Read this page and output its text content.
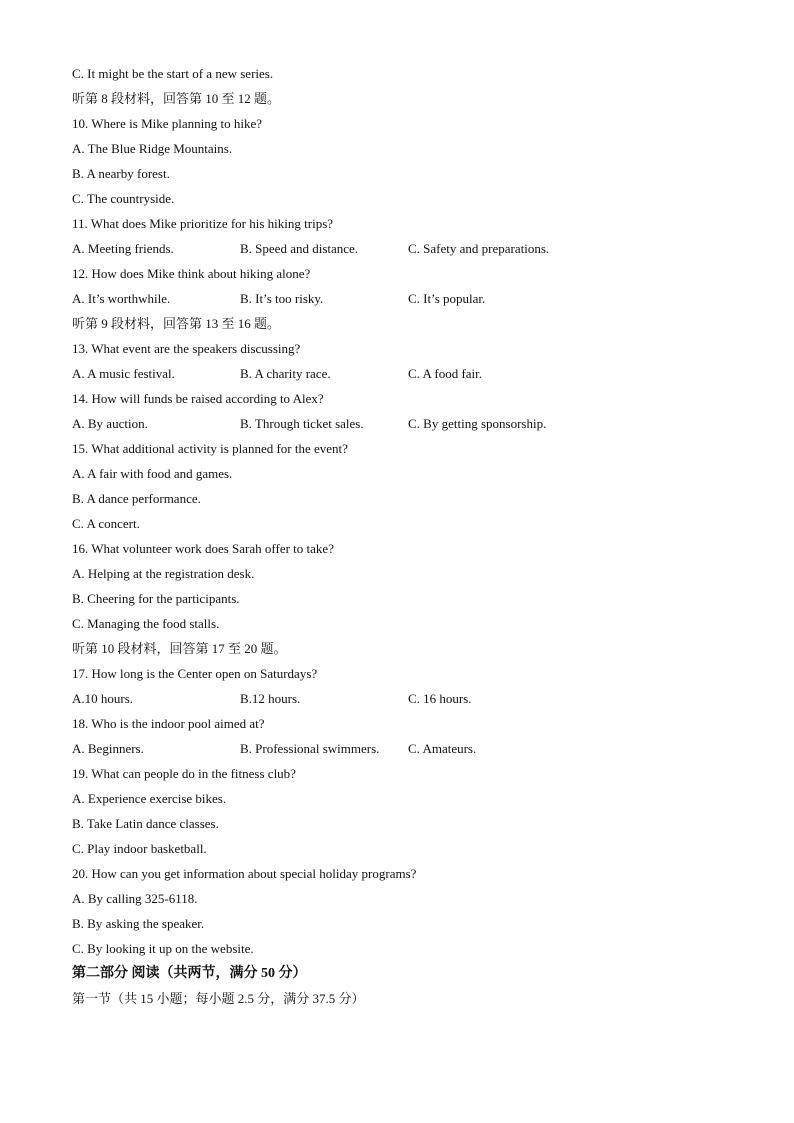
C. It might be the start of a new series.
听第 8 段材料，回答第 10 至 12 题。
10. Where is Mike planning to hike?
A. The Blue Ridge Mountains.
B. A nearby forest.
C. The countryside.
11. What does Mike prioritize for his hiking trips?
A. Meeting friends.	B. Speed and distance.	C. Safety and preparations.
12. How does Mike think about hiking alone?
A. It’s worthwhile.	B. It’s too risky.	C. It’s popular.
听第 9 段材料，回答第 13 至 16 题。
13. What event are the speakers discussing?
A. A music festival.	B. A charity race.	C. A food fair.
14. How will funds be raised according to Alex?
A. By auction.	B. Through ticket sales.	C. By getting sponsorship.
15. What additional activity is planned for the event?
A. A fair with food and games.
B. A dance performance.
C. A concert.
16. What volunteer work does Sarah offer to take?
A. Helping at the registration desk.
B. Cheering for the participants.
C. Managing the food stalls.
听第 10 段材料，回答第 17 至 20 题。
17. How long is the Center open on Saturdays?
A.10 hours.	B.12 hours.	C. 16 hours.
18. Who is the indoor pool aimed at?
A. Beginners.	B. Professional swimmers.	C. Amateurs.
19. What can people do in the fitness club?
A. Experience exercise bikes.
B. Take Latin dance classes.
C. Play indoor basketball.
20. How can you get information about special holiday programs?
A. By calling 325-6118.
B. By asking the speaker.
C. By looking it up on the website.
第二部分 阅读（共两节，满分 50 分）
第一节（共 15 小题；每小题 2.5 分，满分 37.5 分）
